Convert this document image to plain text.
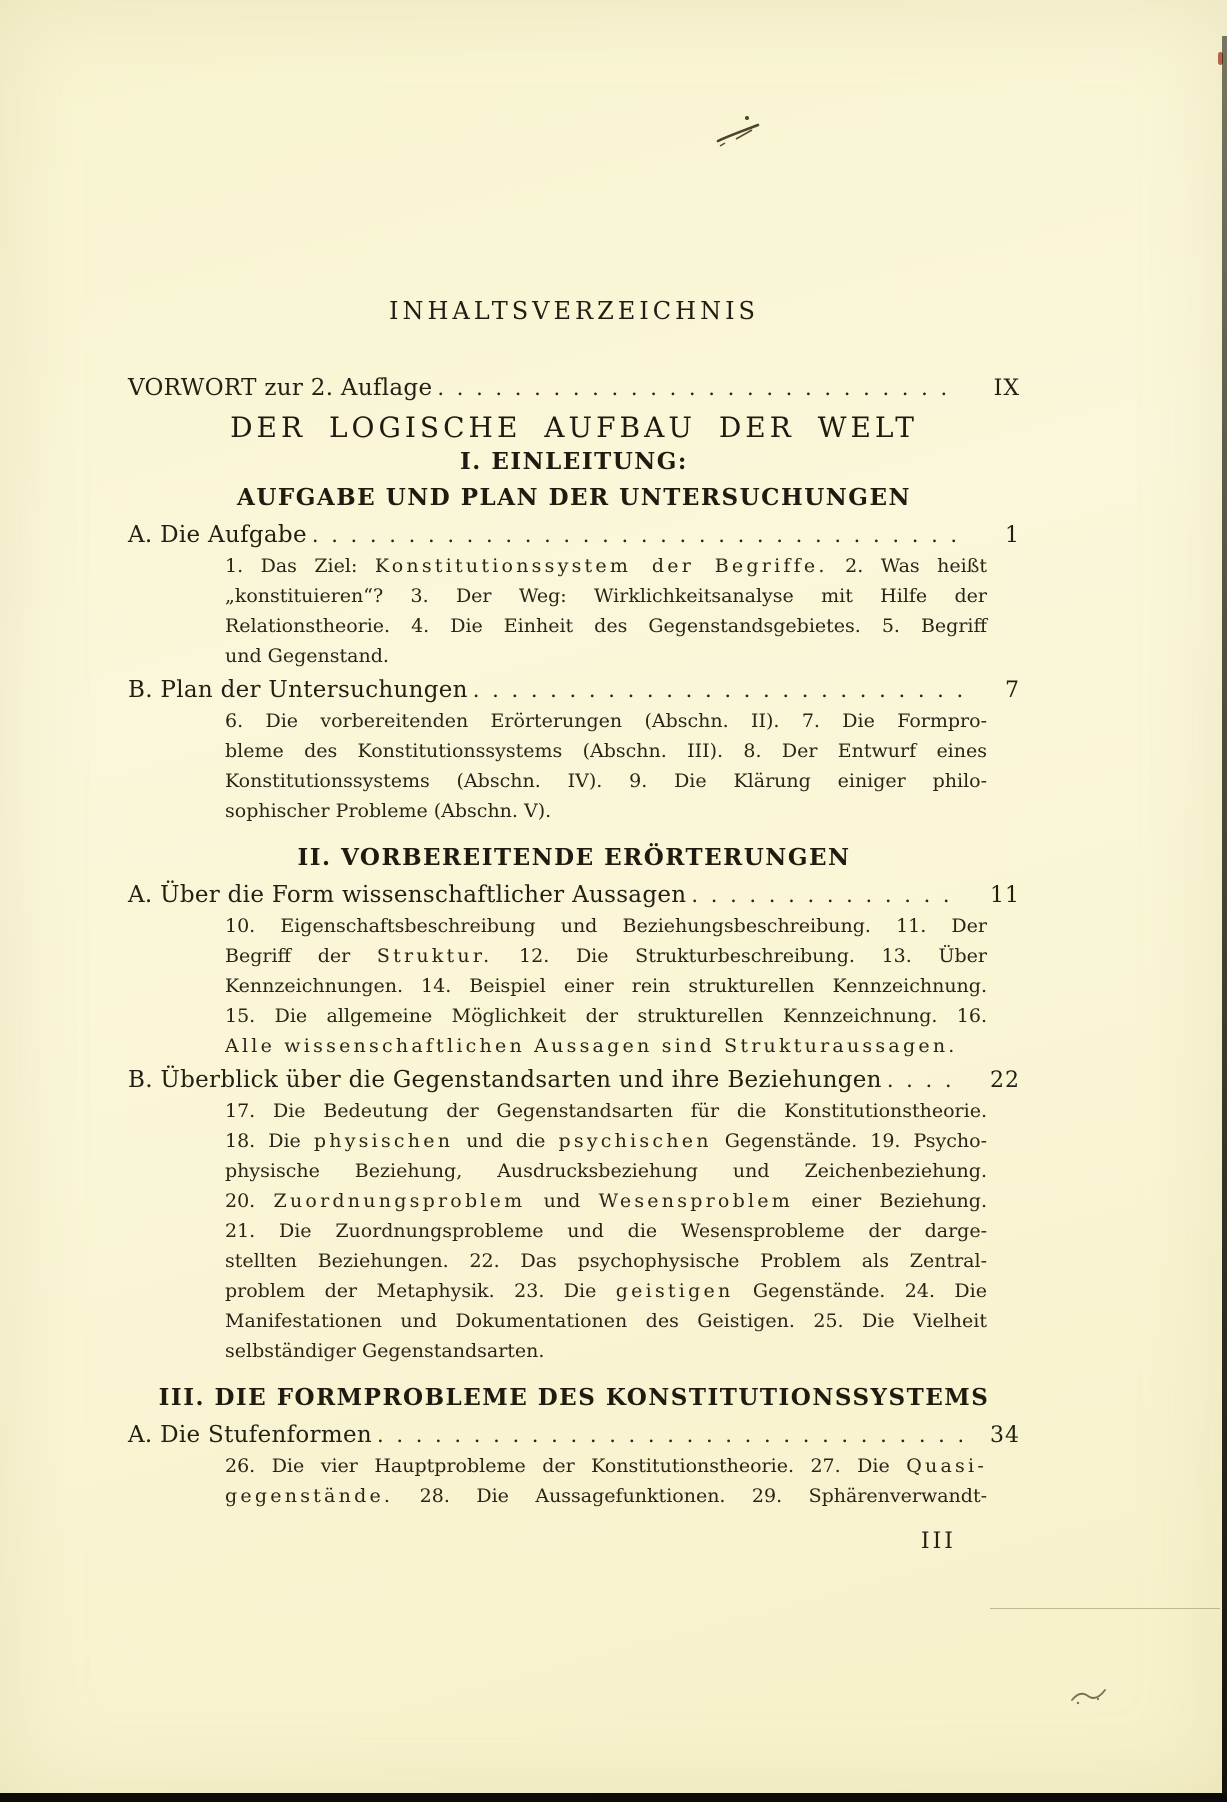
INHALTSVERZEICHNIS
VORWORT zur 2. Auflage . . .	IX
DER LOGISCHE AUFBAU DER WELT
I. EINLEITUNG:
AUFGABE UND PLAN DER UNTERSUCHUNGEN
A. Die Aufgabe . . .	1
1. Das Ziel: Konstitutionssystem der Begriffe. 2. Was heißt
„konstituieren“? 3. Der Weg: Wirklichkeitsanalyse mit Hilfe der
Relationstheorie. 4. Die Einheit des Gegenstandsgebietes. 5. Begriff
und Gegenstand.
B. Plan der Untersuchungen . . .	7
6. Die vorbereitenden Erörterungen (Abschn. II). 7. Die Formpro-
bleme des Konstitutionssystems (Abschn. III). 8. Der Entwurf eines
Konstitutionssystems (Abschn. IV). 9. Die Klärung einiger philo-
sophischer Probleme (Abschn. V).
II. VORBEREITENDE ERÖRTERUNGEN
A. Über die Form wissenschaftlicher Aussagen . . .	11
10. Eigenschaftsbeschreibung und Beziehungsbeschreibung. 11. Der
Begriff der Struktur. 12. Die Strukturbeschreibung. 13. Über
Kennzeichnungen. 14. Beispiel einer rein strukturellen Kennzeichnung.
15. Die allgemeine Möglichkeit der strukturellen Kennzeichnung. 16.
Alle wissenschaftlichen Aussagen sind Strukturaussagen.
B. Überblick über die Gegenstandsarten und ihre Beziehungen . . .	22
17. Die Bedeutung der Gegenstandsarten für die Konstitutionstheorie.
18. Die physischen und die psychischen Gegenstände. 19. Psycho-
physische Beziehung, Ausdrucksbeziehung und Zeichenbeziehung.
20. Zuordnungsproblem und Wesensproblem einer Beziehung.
21. Die Zuordnungsprobleme und die Wesensprobleme der darge-
stellten Beziehungen. 22. Das psychophysische Problem als Zentral-
problem der Metaphysik. 23. Die geistigen Gegenstände. 24. Die
Manifestationen und Dokumentationen des Geistigen. 25. Die Vielheit
selbständiger Gegenstandsarten.
III. DIE FORMPROBLEME DES KONSTITUTIONSSYSTEMS
A. Die Stufenformen . . .	34
26. Die vier Hauptprobleme der Konstitutionstheorie. 27. Die Quasi-
gegenstände. 28. Die Aussagefunktionen. 29. Sphärenverwandt-
III
